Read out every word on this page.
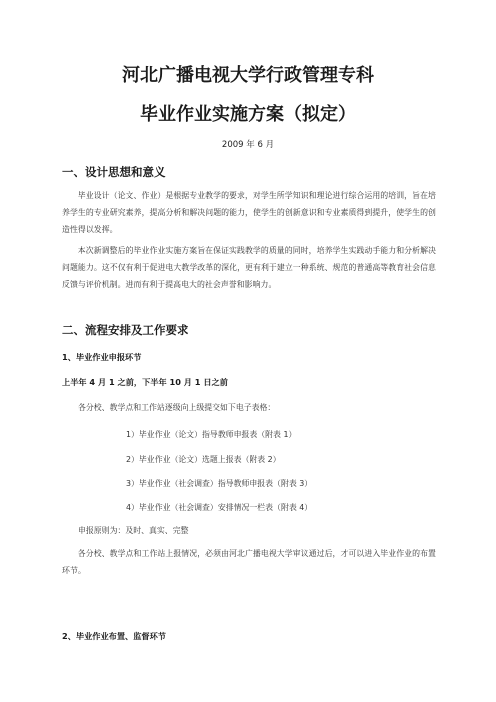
河北广播电视大学行政管理专科
毕业作业实施方案（拟定）
2009 年 6 月
一、设计思想和意义
毕业设计（论文、作业）是根据专业教学的要求，对学生所学知识和理论进行综合运用的培训，旨在培养学生的专业研究素养，提高分析和解决问题的能力，使学生的创新意识和专业素质得到提升，使学生的创造性得以发挥。
本次新调整后的毕业作业实施方案旨在保证实践教学的质量的同时，培养学生实践动手能力和分析解决问题能力。这不仅有利于促进电大教学改革的深化，更有利于建立一种系统、规范的普通高等教育社会信息反馈与评价机制。进而有利于提高电大的社会声誉和影响力。
二、流程安排及工作要求
1、毕业作业申报环节
上半年 4 月 1 之前，下半年 10 月 1 日之前
各分校、教学点和工作站逐级向上级提交如下电子表格：
1）毕业作业（论文）指导教师申报表（附表 1）
2）毕业作业（论文）选题上报表（附表 2）
3）毕业作业（社会调查）指导教师申报表（附表 3）
4）毕业作业（社会调查）安排情况一栏表（附表 4）
申报原则为：及时、真实、完整
各分校、教学点和工作站上报情况，必须由河北广播电视大学审议通过后，才可以进入毕业作业的布置环节。
2、毕业作业布置、监督环节
